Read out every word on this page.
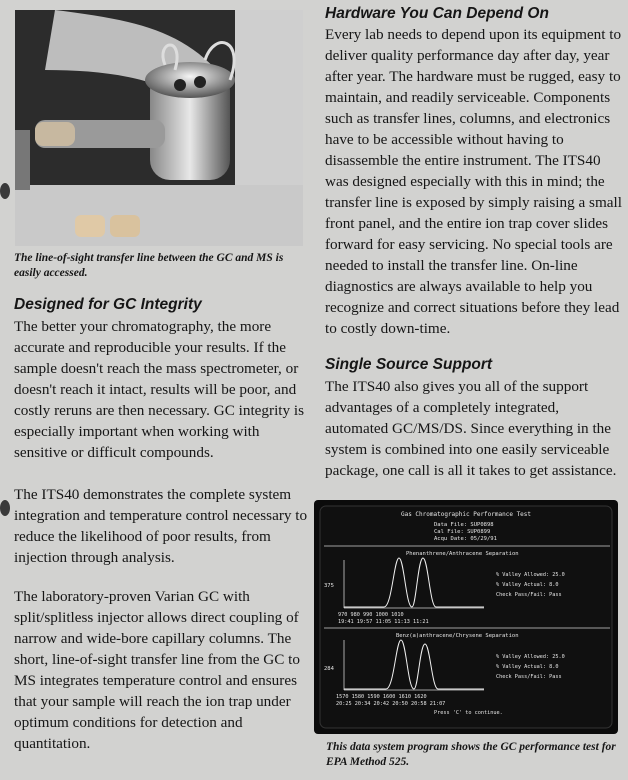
The line-of-sight transfer line between the GC and MS is easily accessed.
Designed for GC Integrity

The better your chromatography, the more accurate and reproducible your results. If the sample doesn't reach the mass spectrometer, or doesn't reach it intact, results will be poor, and costly reruns are then necessary. GC integrity is especially important when working with sensitive or difficult compounds.

The ITS40 demonstrates the complete system integration and temperature control necessary to reduce the likelihood of poor results, from injection through analysis.

The laboratory-proven Varian GC with split/splitless injector allows direct coupling of narrow and wide-bore capillary columns. The short, line-of-sight transfer line from the GC to MS integrates temperature control and ensures that your sample will reach the ion trap under optimum conditions for detection and quantitation.

Hardware You Can Depend On

Every lab needs to depend upon its equipment to deliver quality performance day after day, year after year. The hardware must be rugged, easy to maintain, and readily serviceable. Components such as transfer lines, columns, and electronics have to be accessible without having to disassemble the entire instrument. The ITS40 was designed especially with this in mind; the transfer line is exposed by simply raising a small front panel, and the entire ion trap cover slides forward for easy servicing. No special tools are needed to install the transfer line. On-line diagnostics are always available to help you recognize and correct situations before they lead to costly down-time.

Single Source Support

The ITS40 also gives you all of the support advantages of a completely integrated, automated GC/MS/DS. Since everything in the system is combined into one easily serviceable package, one call is all it takes to get assistance.

Gas Chromatographic Performance Test
Data File: SUP0898
Cal File: SUP0899
Acqu Date: 05/29/91
Phenanthrene/Anthracene Separation
375
970 980 990 1000 1010
19:41 19:57 11:05 11:13 11:21
% Valley Allowed: 25.0
% Valley Actual: 8.0
Check Pass/Fail: Pass
Benz(a)anthracene/Chrysene Separation
284
1570 1580 1590 1600 1610 1620
20:25 20:34 20:42 20:50 20:58 21:07
% Valley Allowed: 25.0
% Valley Actual: 8.0
Check Pass/Fail: Pass
Press 'C' to continue.
This data system program shows the GC performance test for EPA Method 525.
